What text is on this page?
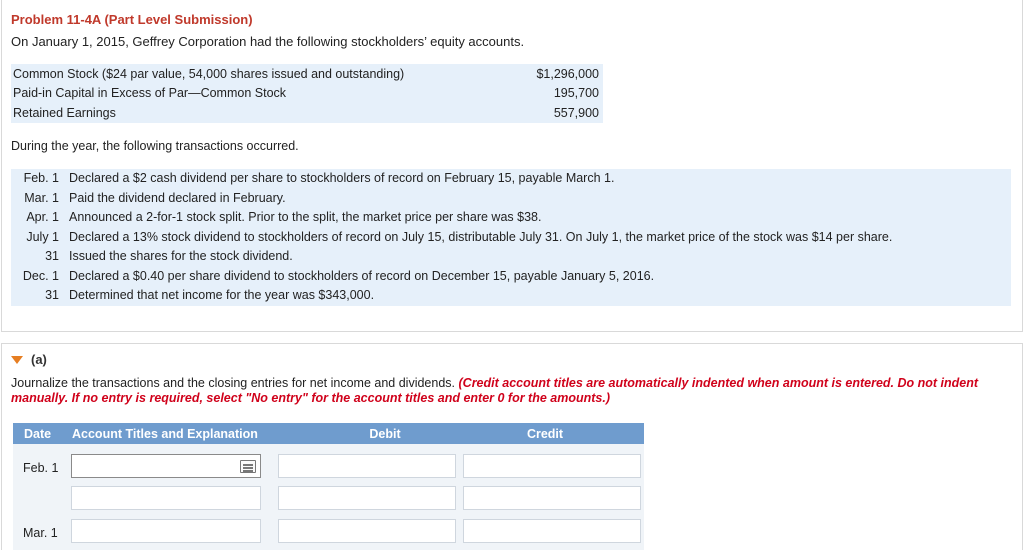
Problem 11-4A (Part Level Submission)
On January 1, 2015, Geffrey Corporation had the following stockholders’ equity accounts.
Common Stock ($24 par value, 54,000 shares issued and outstanding)	$1,296,000
Paid-in Capital in Excess of Par—Common Stock	195,700
Retained Earnings	557,900
During the year, the following transactions occurred.
Feb. 1 Declared a $2 cash dividend per share to stockholders of record on February 15, payable March 1.
Mar. 1 Paid the dividend declared in February.
Apr. 1 Announced a 2-for-1 stock split. Prior to the split, the market price per share was $38.
July 1 Declared a 13% stock dividend to stockholders of record on July 15, distributable July 31. On July 1, the market price of the stock was $14 per share.
31 Issued the shares for the stock dividend.
Dec. 1 Declared a $0.40 per share dividend to stockholders of record on December 15, payable January 5, 2016.
31 Determined that net income for the year was $343,000.
(a)
Journalize the transactions and the closing entries for net income and dividends. (Credit account titles are automatically indented when amount is entered. Do not indent manually. If no entry is required, select "No entry" for the account titles and enter 0 for the amounts.)
Date	Account Titles and Explanation	Debit	Credit
Feb. 1
Mar. 1
